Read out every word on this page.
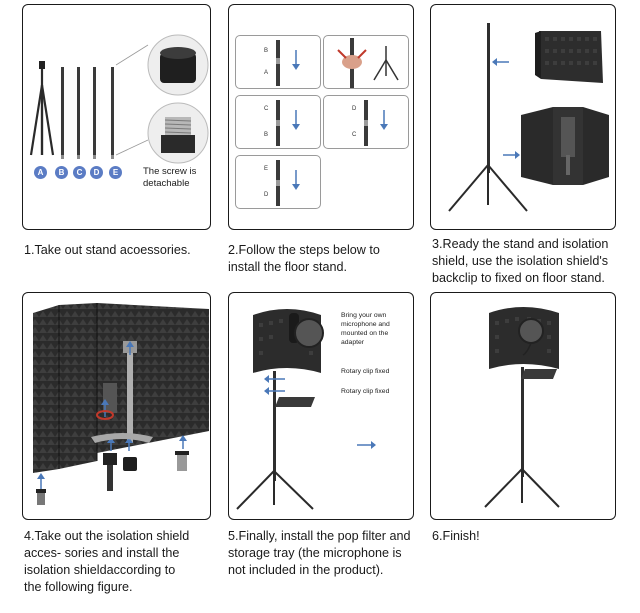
A	B	C	D	E	The screw is
detachable
B
A
C
B
D
C
E
D
1.Take out stand acoessories.	2.Follow the steps below to
install the floor stand.
3.Ready the stand and isolation
shield, use the isolation shield's
backclip to fixed on floor stand.
Bring your own
microphone and
mounted on the
adapter
Rotary clip fixed
Rotary clip fixed
4.Take out the isolation shield
acces- sories and install the
isolation shieldaccording to
the following figure.
5.Finally, install the pop filter and
storage tray (the microphone is
not included in the product).
6.Finish!
